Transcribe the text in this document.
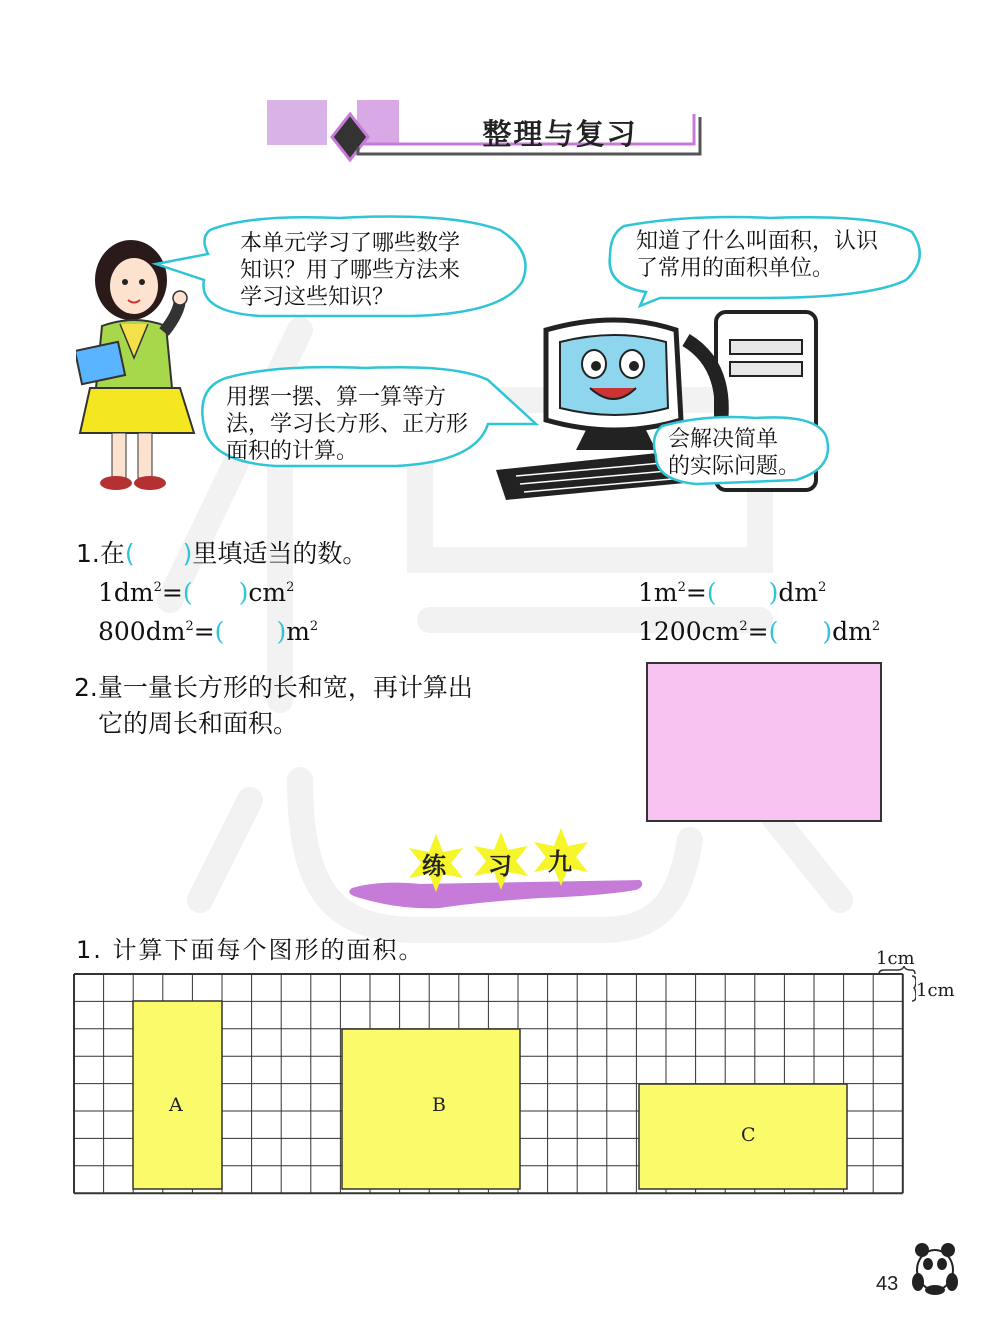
整理与复习
本单元学习了哪些数学
知识？用了哪些方法来
学习这些知识？
用摆一摆、算一算等方
法，学习长方形、正方形
面积的计算。
知道了什么叫面积，认识
了常用的面积单位。
会解决简单
的实际问题。
1.在( )里填适当的数。
$1dm^2=$( )$cm^2$	$1m^2=$( )$dm^2$
$800dm^2=$( )$m^2$	$1200cm^2=$( )$dm^2$
2.量一量长方形的长和宽，再计算出
它的周长和面积。
练 习 九
1. 计算下面每个图形的面积。	1cm
1cm
A	B
C
43
